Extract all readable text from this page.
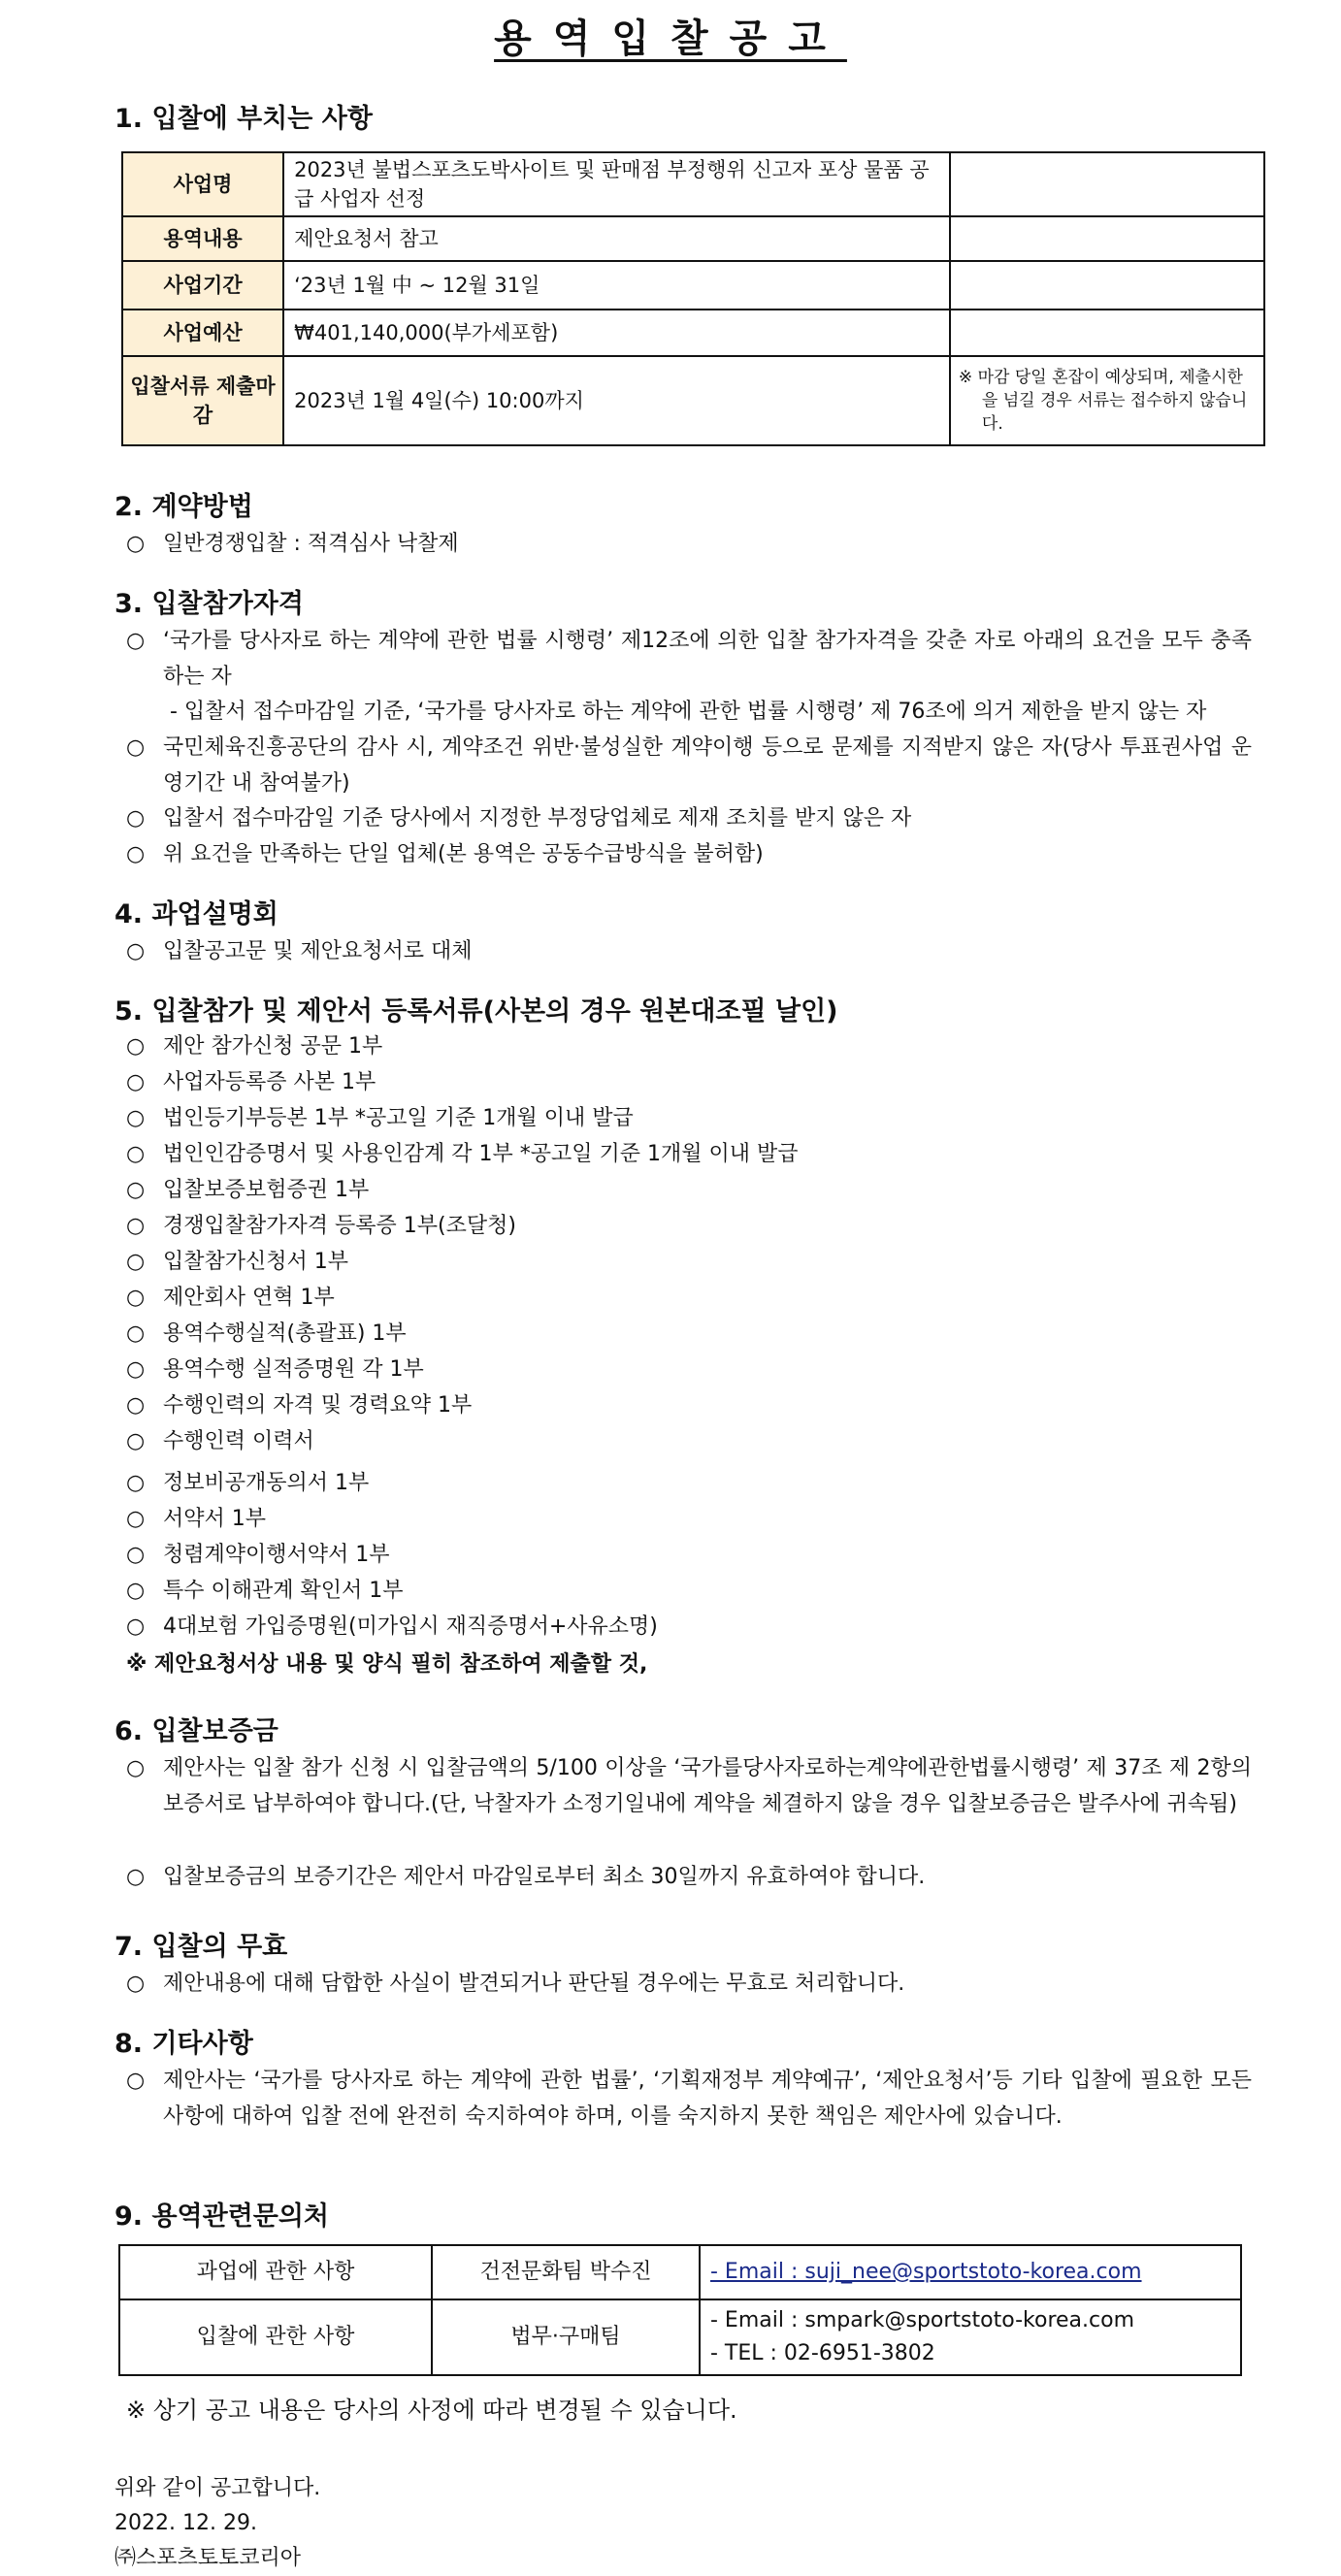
용역입찰공고
1. 입찰에 부치는 사항
사업명	2023년 불법스포츠도박사이트 및 판매점 부정행위 신고자 포상 물품 공급 사업자 선정	
용역내용	제안요청서 참고	
사업기간	‘23년 1월 中 ~ 12월 31일	
사업예산	₩401,140,000(부가세포함)	
입찰서류 제출마감	2023년 1월 4일(수) 10:00까지	※ 마감 당일 혼잡이 예상되며, 제출시한을 넘길 경우 서류는 접수하지 않습니다.
2. 계약방법
○ 일반경쟁입찰 : 적격심사 낙찰제
3. 입찰참가자격
○ ‘국가를 당사자로 하는 계약에 관한 법률 시행령’ 제12조에 의한 입찰 참가자격을 갖춘 자로 아래의 요건을 모두 충족하는 자
- 입찰서 접수마감일 기준, ‘국가를 당사자로 하는 계약에 관한 법률 시행령’ 제 76조에 의거 제한을 받지 않는 자
○ 국민체육진흥공단의 감사 시, 계약조건 위반·불성실한 계약이행 등으로 문제를 지적받지 않은 자(당사 투표권사업 운영기간 내 참여불가)
○ 입찰서 접수마감일 기준 당사에서 지정한 부정당업체로 제재 조치를 받지 않은 자
○ 위 요건을 만족하는 단일 업체(본 용역은 공동수급방식을 불허함)
4. 과업설명회
○ 입찰공고문 및 제안요청서로 대체
5. 입찰참가 및 제안서 등록서류(사본의 경우 원본대조필 날인)
○ 제안 참가신청 공문 1부
○ 사업자등록증 사본 1부
○ 법인등기부등본 1부 *공고일 기준 1개월 이내 발급
○ 법인인감증명서 및 사용인감계 각 1부 *공고일 기준 1개월 이내 발급
○ 입찰보증보험증권 1부
○ 경쟁입찰참가자격 등록증 1부(조달청)
○ 입찰참가신청서 1부
○ 제안회사 연혁 1부
○ 용역수행실적(총괄표) 1부
○ 용역수행 실적증명원 각 1부
○ 수행인력의 자격 및 경력요약 1부
○ 수행인력 이력서
○ 정보비공개동의서 1부
○ 서약서 1부
○ 청렴계약이행서약서 1부
○ 특수 이해관계 확인서 1부
○ 4대보험 가입증명원(미가입시 재직증명서+사유소명)
※ 제안요청서상 내용 및 양식 필히 참조하여 제출할 것,
6. 입찰보증금
○ 제안사는 입찰 참가 신청 시 입찰금액의 5/100 이상을 ‘국가를당사자로하는계약에관한법률시행령’ 제 37조 제 2항의 보증서로 납부하여야 합니다.(단, 낙찰자가 소정기일내에 계약을 체결하지 않을 경우 입찰보증금은 발주사에 귀속됨)
○ 입찰보증금의 보증기간은 제안서 마감일로부터 최소 30일까지 유효하여야 합니다.
7. 입찰의 무효
○ 제안내용에 대해 담합한 사실이 발견되거나 판단될 경우에는 무효로 처리합니다.
8. 기타사항
○ 제안사는 ‘국가를 당사자로 하는 계약에 관한 법률’, ‘기획재정부 계약예규’, ‘제안요청서’등 기타 입찰에 필요한 모든 사항에 대하여 입찰 전에 완전히 숙지하여야 하며, 이를 숙지하지 못한 책임은 제안사에 있습니다.
9. 용역관련문의처
과업에 관한 사항	건전문화팀 박수진	- Email : suji_nee@sportstoto-korea.com
입찰에 관한 사항	법무·구매팀	- Email : smpark@sportstoto-korea.com
- TEL : 02-6951-3802
※ 상기 공고 내용은 당사의 사정에 따라 변경될 수 있습니다.
위와 같이 공고합니다.
2022. 12. 29.
㈜스포츠토토코리아
